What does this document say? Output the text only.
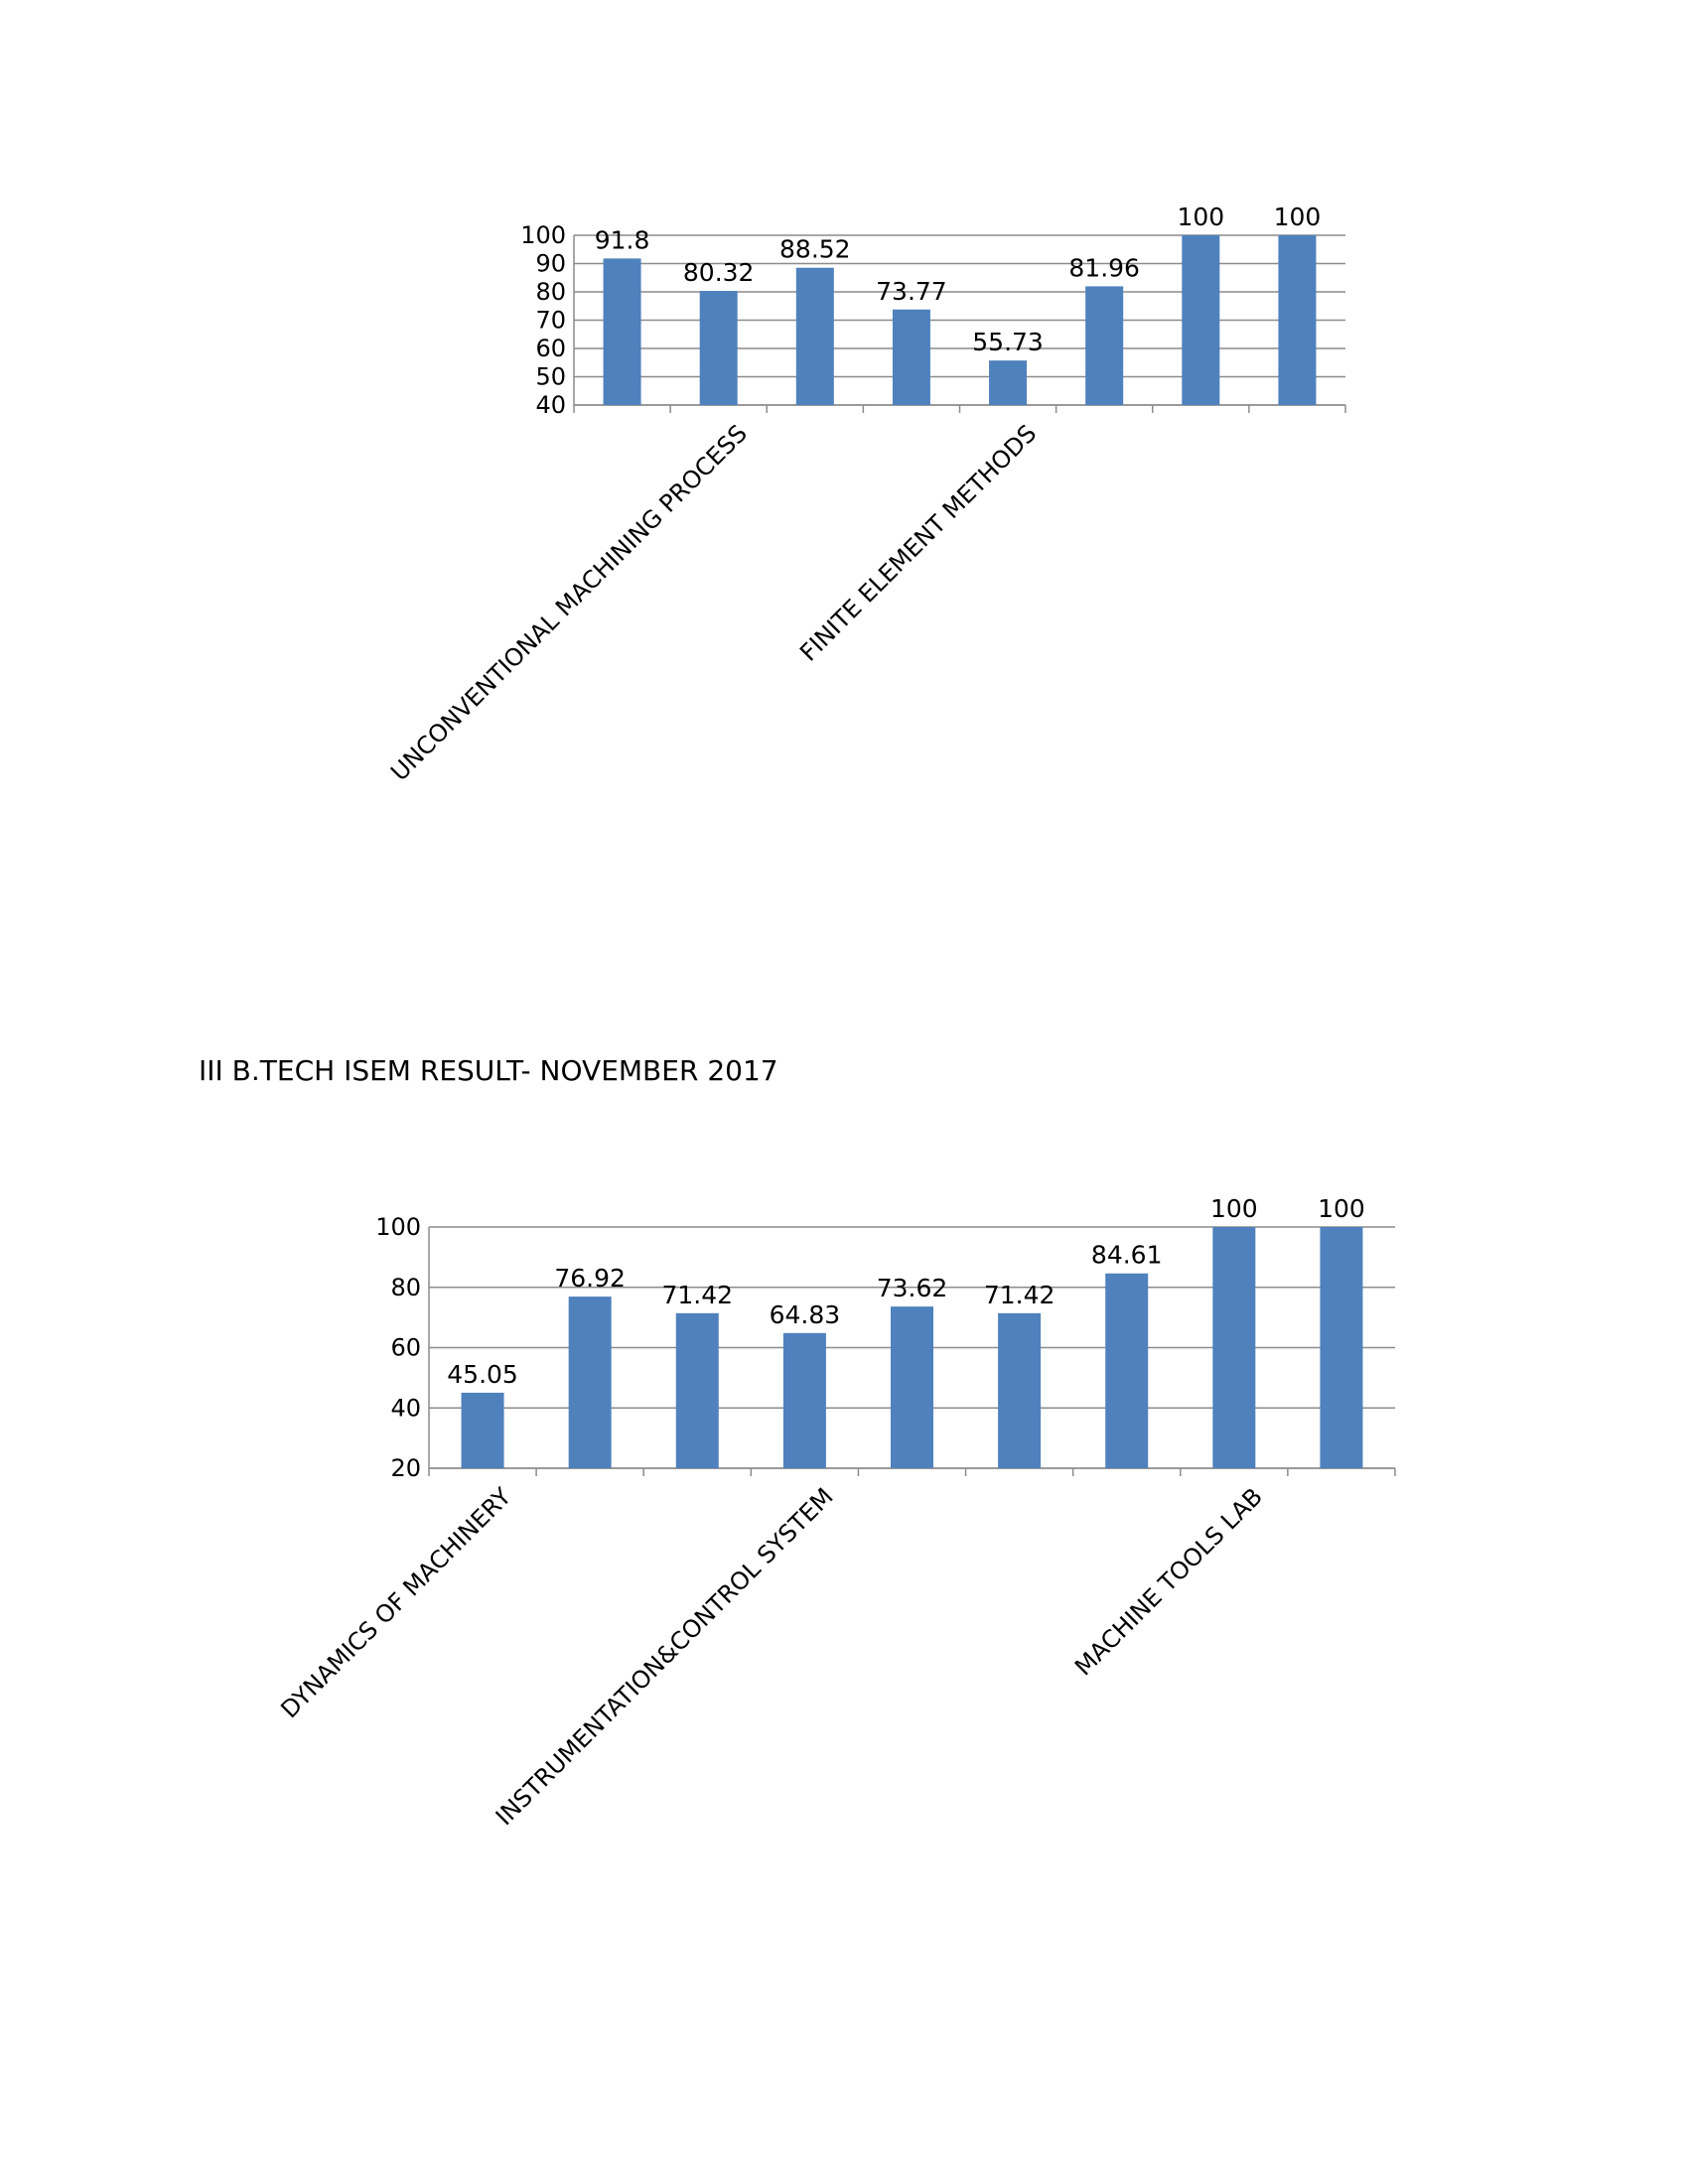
40
50
60
70
80
90
100 91.8
80.32
UNCONVENTIONAL MACHINING PROCESS
88.52
73.77
55.73
FINITE ELEMENT METHODS
81.96
100 100
III B.TECH ISEM RESULT- NOVEMBER 2017
20
40
60
80
100
45.05
DYNAMICS OF MACHINERY
76.92
71.42
64.83
INSTRUMENTATION&CONTROL SYSTEM
73.62 71.42
84.61
100
MACHINE TOOLS LAB
100
